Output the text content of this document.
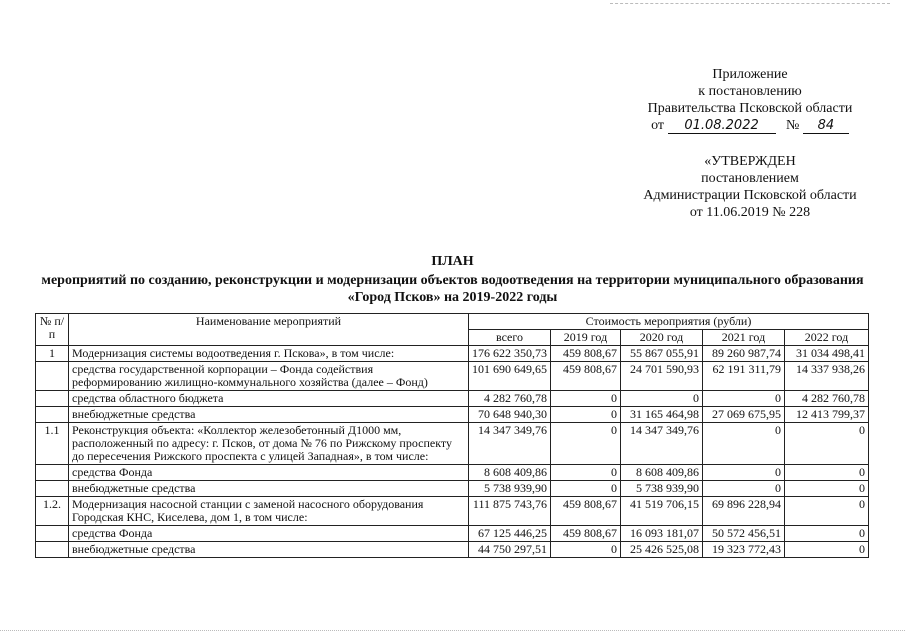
Приложение
к постановлению
Правительства Псковской области
от 01.08.2022 № 84
«УТВЕРЖДЕН
постановлением
Администрации Псковской области
от 11.06.2019 № 228
ПЛАН
мероприятий по созданию, реконструкции и модернизации объектов водоотведения на территории муниципального образования «Город Псков» на 2019-2022 годы
№ п/п	Наименование мероприятий	Стоимость мероприятия (рубли)				
		всего	2019 год	2020 год	2021 год	2022 год
1	Модернизация системы водоотведения г. Пскова», в том числе:	176 622 350,73	459 808,67	55 867 055,91	89 260 987,74	31 034 498,41
	средства государственной корпорации – Фонда содействия реформированию жилищно-коммунального хозяйства (далее – Фонд)	101 690 649,65	459 808,67	24 701 590,93	62 191 311,79	14 337 938,26
	средства областного бюджета	4 282 760,78	0	0	0	4 282 760,78
	внебюджетные средства	70 648 940,30	0	31 165 464,98	27 069 675,95	12 413 799,37
1.1	Реконструкция объекта: «Коллектор железобетонный Д1000 мм, расположенный по адресу: г. Псков, от дома № 76 по Рижскому проспекту до пересечения Рижского проспекта с улицей Западная», в том числе:	14 347 349,76	0	14 347 349,76	0	0
	средства Фонда	8 608 409,86	0	8 608 409,86	0	0
	внебюджетные средства	5 738 939,90	0	5 738 939,90	0	0
1.2.	Модернизация насосной станции с заменой насосного оборудования Городская КНС, Киселева, дом 1, в том числе:	111 875 743,76	459 808,67	41 519 706,15	69 896 228,94	0
	средства Фонда	67 125 446,25	459 808,67	16 093 181,07	50 572 456,51	0
	внебюджетные средства	44 750 297,51	0	25 426 525,08	19 323 772,43	0
